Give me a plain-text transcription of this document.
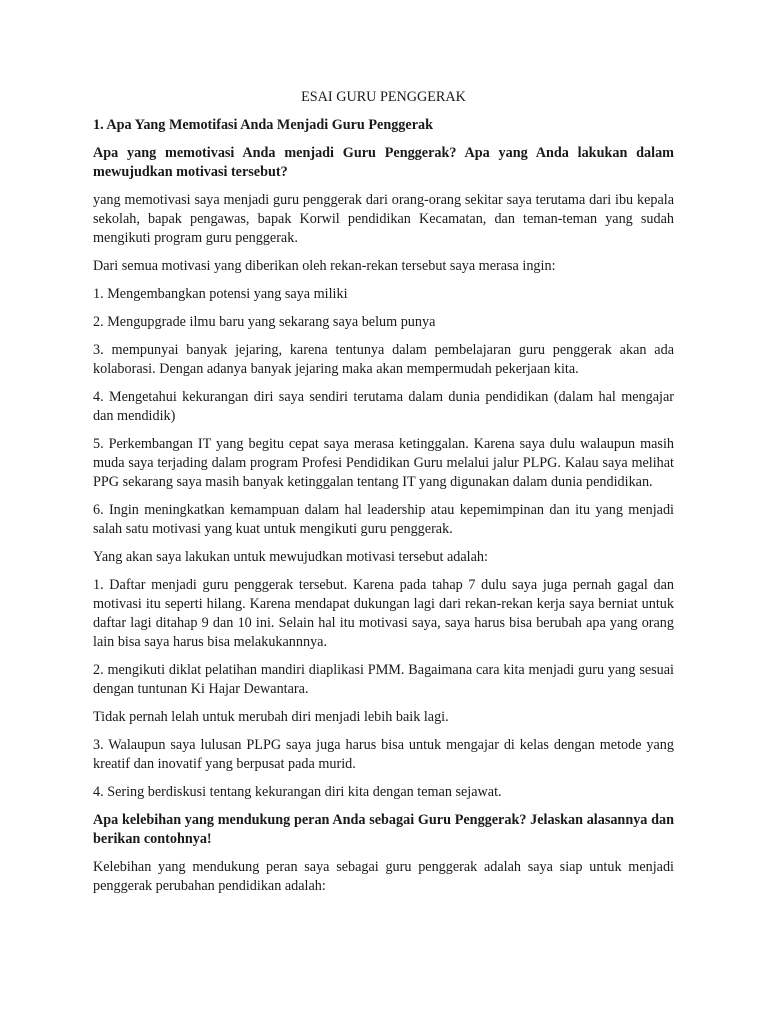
ESAI GURU PENGGERAK
1. Apa Yang Memotifasi Anda Menjadi Guru Penggerak
Apa yang memotivasi Anda menjadi Guru Penggerak? Apa yang Anda lakukan dalam mewujudkan motivasi tersebut?
yang memotivasi saya menjadi guru penggerak dari orang-orang sekitar saya terutama dari ibu kepala sekolah, bapak pengawas, bapak Korwil pendidikan Kecamatan, dan teman-teman yang sudah mengikuti program guru penggerak.
Dari semua motivasi yang diberikan oleh rekan-rekan tersebut saya merasa ingin:
1. Mengembangkan potensi yang saya miliki
2. Mengupgrade ilmu baru yang sekarang saya belum punya
3. mempunyai banyak jejaring, karena tentunya dalam pembelajaran guru penggerak akan ada kolaborasi. Dengan adanya banyak jejaring maka akan mempermudah pekerjaan kita.
4. Mengetahui kekurangan diri saya sendiri terutama dalam dunia pendidikan (dalam hal mengajar dan mendidik)
5. Perkembangan IT yang begitu cepat saya merasa ketinggalan. Karena saya dulu walaupun masih muda saya terjading dalam program Profesi Pendidikan Guru melalui jalur PLPG. Kalau saya melihat PPG sekarang saya masih banyak ketinggalan tentang IT yang digunakan dalam dunia pendidikan.
6. Ingin meningkatkan kemampuan dalam hal leadership atau kepemimpinan dan itu yang menjadi salah satu motivasi yang kuat untuk mengikuti guru penggerak.
Yang akan saya lakukan untuk mewujudkan motivasi tersebut adalah:
1. Daftar menjadi guru penggerak tersebut. Karena pada tahap 7 dulu saya juga pernah gagal dan motivasi itu seperti hilang. Karena mendapat dukungan lagi dari rekan-rekan kerja saya berniat untuk daftar lagi ditahap 9 dan 10 ini. Selain hal itu motivasi saya, saya harus bisa berubah apa yang orang lain bisa saya harus bisa melakukannnya.
2. mengikuti diklat pelatihan mandiri diaplikasi PMM. Bagaimana cara kita menjadi guru yang sesuai dengan tuntunan Ki Hajar Dewantara.
Tidak pernah lelah untuk merubah diri menjadi lebih baik lagi.
3. Walaupun saya lulusan PLPG saya juga harus bisa untuk mengajar di kelas dengan metode yang kreatif dan inovatif yang berpusat pada murid.
4. Sering berdiskusi tentang kekurangan diri kita dengan teman sejawat.
Apa kelebihan yang mendukung peran Anda sebagai Guru Penggerak? Jelaskan alasannya dan berikan contohnya!
Kelebihan yang mendukung peran saya sebagai guru penggerak adalah saya siap untuk menjadi penggerak perubahan pendidikan adalah:
